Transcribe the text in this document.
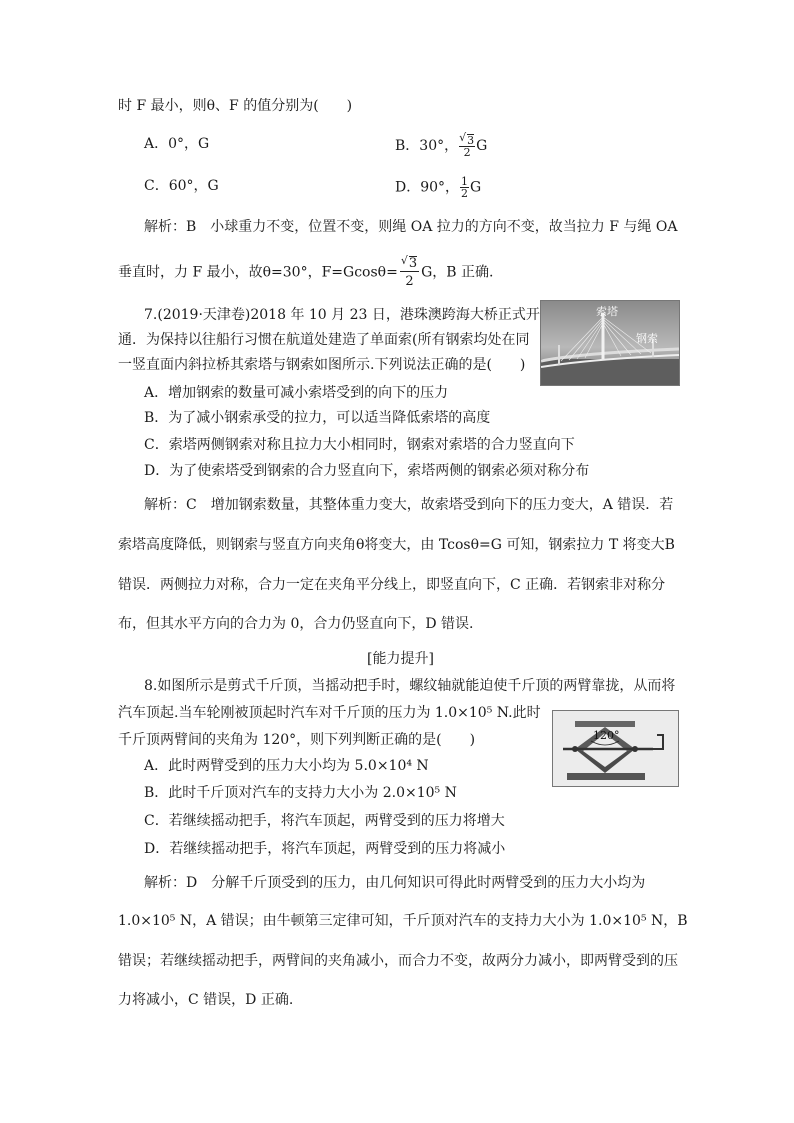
时 F 最小，则θ、F 的值分别为(　　)
A．0°，G	B．30°， √ $\frac{3}{2}$ G
C．60°，G	D．90°， $\frac{1}{2}$ G
解析：B　小球重力不变，位置不变，则绳 OA 拉力的方向不变，故当拉力 F 与绳 OA
垂直时，力 F 最小，故θ=30°，F=Gcosθ= √ $\frac{3}{2}$ G，B 正确.
7.(2019·天津卷)2018 年 10 月 23 日，港珠澳跨海大桥正式开
通．为保持以往船行习惯在航道处建造了单面索(所有钢索均处在同
一竖直面内斜拉桥其索塔与钢索如图所示.下列说法正确的是(　　)
索塔
钢索
A．增加钢索的数量可减小索塔受到的向下的压力
B．为了减小钢索承受的拉力，可以适当降低索塔的高度
C．索塔两侧钢索对称且拉力大小相同时，钢索对索塔的合力竖直向下
D．为了使索塔受到钢索的合力竖直向下，索塔两侧的钢索必须对称分布
解析：C　增加钢索数量，其整体重力变大，故索塔受到向下的压力变大，A 错误．若
索塔高度降低，则钢索与竖直方向夹角θ将变大，由 Tcosθ=G 可知，钢索拉力 T 将变大B
错误．两侧拉力对称，合力一定在夹角平分线上，即竖直向下，C 正确．若钢索非对称分
布，但其水平方向的合力为 0，合力仍竖直向下，D 错误.
[能力提升]
8.如图所示是剪式千斤顶，当摇动把手时，螺纹轴就能迫使千斤顶的两臂靠拢，从而将
汽车顶起.当车轮刚被顶起时汽车对千斤顶的压力为 1.0×10⁵ N.此时
千斤顶两臂间的夹角为 120°，则下列判断正确的是(　　)	120°
A．此时两臂受到的压力大小均为 5.0×10⁴ N
B．此时千斤顶对汽车的支持力大小为 2.0×10⁵ N
C．若继续摇动把手，将汽车顶起，两臂受到的压力将增大
D．若继续摇动把手，将汽车顶起，两臂受到的压力将减小
解析：D　分解千斤顶受到的压力，由几何知识可得此时两臂受到的压力大小均为
1.0×10⁵ N，A 错误；由牛顿第三定律可知，千斤顶对汽车的支持力大小为 1.0×10⁵ N，B
错误；若继续摇动把手，两臂间的夹角减小，而合力不变，故两分力减小，即两臂受到的压
力将减小，C 错误，D 正确.
